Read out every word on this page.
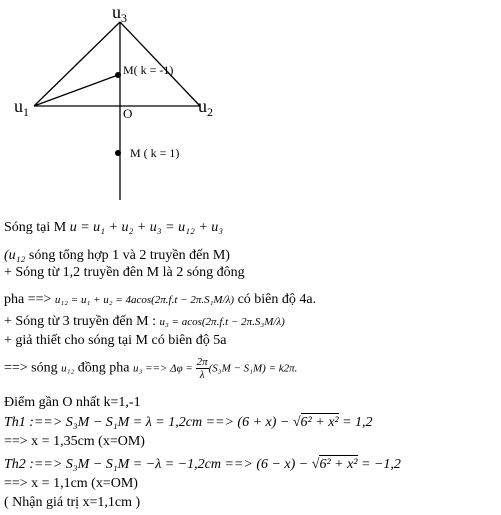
$u_3$
$u_1$	$u_2$
O
M( k = -1)
M ( k = 1)
Sóng tại M u = u₁ + u₂ + u₃ = u₁₂ + u₃
(u₁₂ sóng tổng hợp 1 và 2 truyền đến M)
+ Sóng từ 1,2 truyền đên M là 2 sóng đông
pha ==> u₁₂ = u₁ + u₂ = 4acos(2π.f.t − 2π.S₁M/λ) có biên độ 4a.
+ Sóng từ 3 truyền đến M : u₃ = acos(2π.f.t − 2π.S₃M/λ)
+ giả thiết cho sóng tại M có biên độ 5a
==> sóng u₁₂ đồng pha u₃ ==> $\Delta\varphi = \frac{2\pi}{\lambda} (S_3M - S_1M) = k2\pi$.
Điểm gần O nhất k=1,-1
Th1 :==> S₃M − S₁M = λ = 1,2cm ==> (6 + x) − √6² + x² = 1,2
==> x = 1,35cm (x=OM)
Th2 :==> S₃M − S₁M = −λ = −1,2cm ==> (6 − x) − √6² + x² = −1,2
==> x = 1,1cm (x=OM)
( Nhận giá trị x=1,1cm )
